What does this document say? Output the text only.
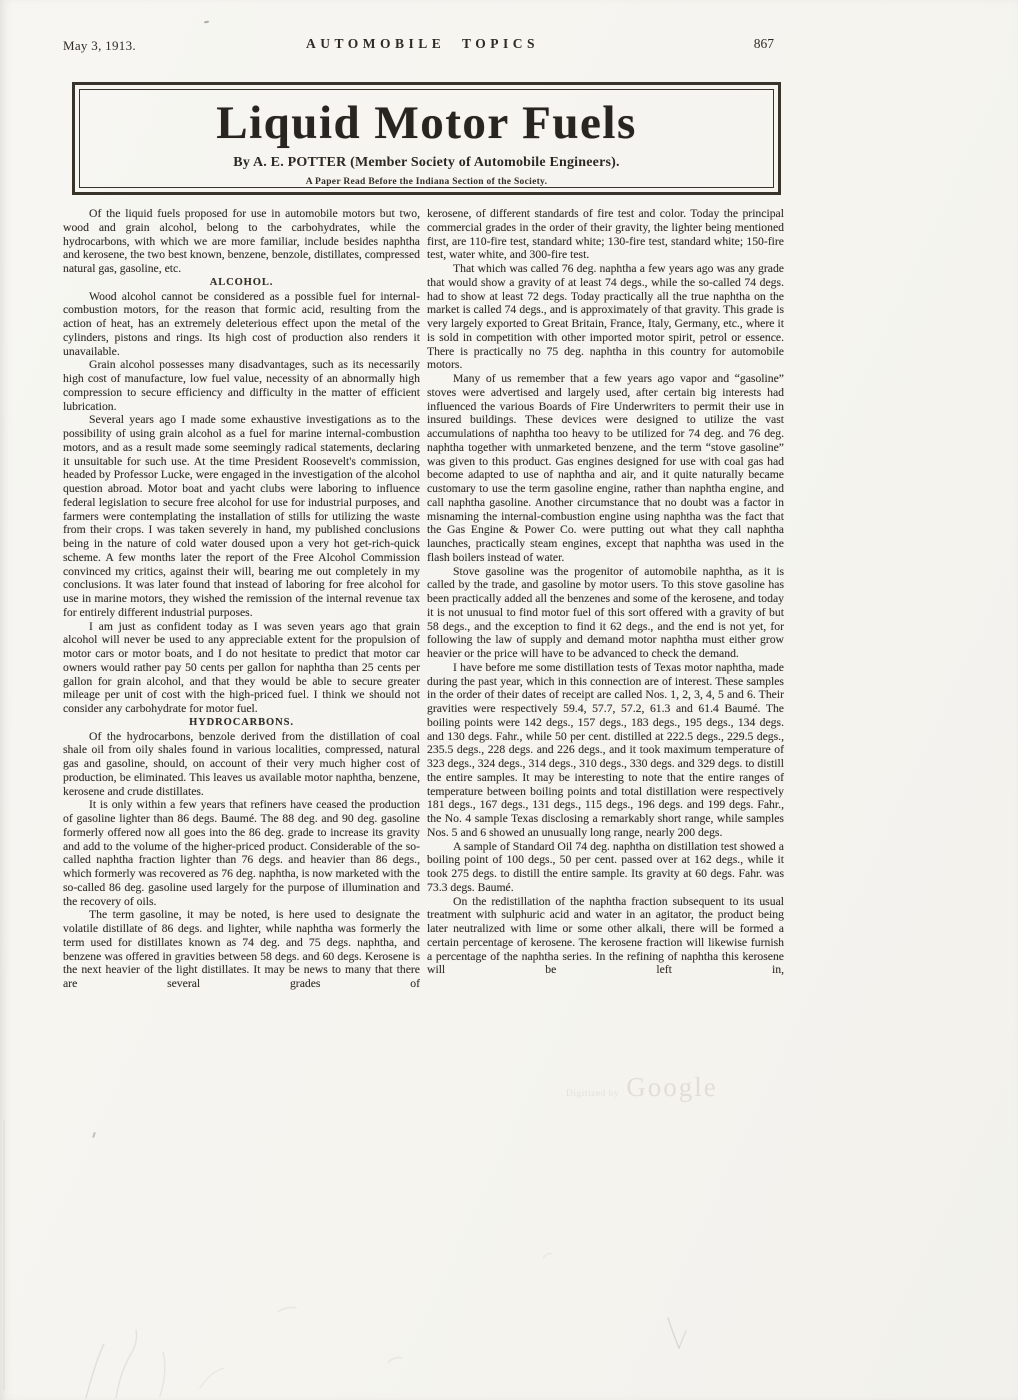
May 3, 1913.	AUTOMOBILE TOPICS	867
Liquid Motor Fuels
By A. E. POTTER (Member Society of Automobile Engineers).
A Paper Read Before the Indiana Section of the Society.

Of the liquid fuels proposed for use in automobile motors but two, wood and grain alcohol, belong to the carbohydrates, while the hydrocarbons, with which we are more familiar, include besides naphtha and kerosene, the two best known, benzene, benzole, distillates, compressed natural gas, gasoline, etc.

ALCOHOL.

Wood alcohol cannot be considered as a possible fuel for internal-combustion motors, for the reason that formic acid, resulting from the action of heat, has an extremely deleterious effect upon the metal of the cylinders, pistons and rings. Its high cost of production also renders it unavailable.

Grain alcohol possesses many disadvantages, such as its necessarily high cost of manufacture, low fuel value, necessity of an abnormally high compression to secure efficiency and difficulty in the matter of efficient lubrication.

Several years ago I made some exhaustive investigations as to the possibility of using grain alcohol as a fuel for marine internal-combustion motors, and as a result made some seemingly radical statements, declaring it unsuitable for such use. At the time President Roosevelt's commission, headed by Professor Lucke, were engaged in the investigation of the alcohol question abroad. Motor boat and yacht clubs were laboring to influence federal legislation to secure free alcohol for use for industrial purposes, and farmers were contemplating the installation of stills for utilizing the waste from their crops. I was taken severely in hand, my published conclusions being in the nature of cold water doused upon a very hot get-rich-quick scheme. A few months later the report of the Free Alcohol Commission convinced my critics, against their will, bearing me out completely in my conclusions. It was later found that instead of laboring for free alcohol for use in marine motors, they wished the remission of the internal revenue tax for entirely different industrial purposes.

I am just as confident today as I was seven years ago that grain alcohol will never be used to any appreciable extent for the propulsion of motor cars or motor boats, and I do not hesitate to predict that motor car owners would rather pay 50 cents per gallon for naphtha than 25 cents per gallon for grain alcohol, and that they would be able to secure greater mileage per unit of cost with the high-priced fuel. I think we should not consider any carbohydrate for motor fuel.

HYDROCARBONS.

Of the hydrocarbons, benzole derived from the distillation of coal shale oil from oily shales found in various localities, compressed, natural gas and gasoline, should, on account of their very much higher cost of production, be eliminated. This leaves us available motor naphtha, benzene, kerosene and crude distillates.

It is only within a few years that refiners have ceased the production of gasoline lighter than 86 degs. Baumé. The 88 deg. and 90 deg. gasoline formerly offered now all goes into the 86 deg. grade to increase its gravity and add to the volume of the higher-priced product. Considerable of the so-called naphtha fraction lighter than 76 degs. and heavier than 86 degs., which formerly was recovered as 76 deg. naphtha, is now marketed with the so-called 86 deg. gasoline used largely for the purpose of illumination and the recovery of oils.

The term gasoline, it may be noted, is here used to designate the volatile distillate of 86 degs. and lighter, while naphtha was formerly the term used for distillates known as 74 deg. and 75 degs. naphtha, and benzene was offered in gravities between 58 degs. and 60 degs. Kerosene is the next heavier of the light distillates. It may be news to many that there are several grades of

kerosene, of different standards of fire test and color. Today the principal commercial grades in the order of their gravity, the lighter being mentioned first, are 110-fire test, standard white; 130-fire test, standard white; 150-fire test, water white, and 300-fire test.

That which was called 76 deg. naphtha a few years ago was any grade that would show a gravity of at least 74 degs., while the so-called 74 degs. had to show at least 72 degs. Today practically all the true naphtha on the market is called 74 degs., and is approximately of that gravity. This grade is very largely exported to Great Britain, France, Italy, Germany, etc., where it is sold in competition with other imported motor spirit, petrol or essence. There is practically no 75 deg. naphtha in this country for automobile motors.

Many of us remember that a few years ago vapor and “gasoline” stoves were advertised and largely used, after certain big interests had influenced the various Boards of Fire Underwriters to permit their use in insured buildings. These devices were designed to utilize the vast accumulations of naphtha too heavy to be utilized for 74 deg. and 76 deg. naphtha together with unmarketed benzene, and the term “stove gasoline” was given to this product. Gas engines designed for use with coal gas had become adapted to use of naphtha and air, and it quite naturally became customary to use the term gasoline engine, rather than naphtha engine, and call naphtha gasoline. Another circumstance that no doubt was a factor in misnaming the internal-combustion engine using naphtha was the fact that the Gas Engine & Power Co. were putting out what they call naphtha launches, practically steam engines, except that naphtha was used in the flash boilers instead of water.

Stove gasoline was the progenitor of automobile naphtha, as it is called by the trade, and gasoline by motor users. To this stove gasoline has been practically added all the benzenes and some of the kerosene, and today it is not unusual to find motor fuel of this sort offered with a gravity of but 58 degs., and the exception to find it 62 degs., and the end is not yet, for following the law of supply and demand motor naphtha must either grow heavier or the price will have to be advanced to check the demand.

I have before me some distillation tests of Texas motor naphtha, made during the past year, which in this connection are of interest. These samples in the order of their dates of receipt are called Nos. 1, 2, 3, 4, 5 and 6. Their gravities were respectively 59.4, 57.7, 57.2, 61.3 and 61.4 Baumé. The boiling points were 142 degs., 157 degs., 183 degs., 195 degs., 134 degs. and 130 degs. Fahr., while 50 per cent. distilled at 222.5 degs., 229.5 degs., 235.5 degs., 228 degs. and 226 degs., and it took maximum temperature of 323 degs., 324 degs., 314 degs., 310 degs., 330 degs. and 329 degs. to distill the entire samples. It may be interesting to note that the entire ranges of temperature between boiling points and total distillation were respectively 181 degs., 167 degs., 131 degs., 115 degs., 196 degs. and 199 degs. Fahr., the No. 4 sample Texas disclosing a remarkably short range, while samples Nos. 5 and 6 showed an unusually long range, nearly 200 degs.

A sample of Standard Oil 74 deg. naphtha on distillation test showed a boiling point of 100 degs., 50 per cent. passed over at 162 degs., while it took 275 degs. to distill the entire sample. Its gravity at 60 degs. Fahr. was 73.3 degs. Baumé.

On the redistillation of the naphtha fraction subsequent to its usual treatment with sulphuric acid and water in an agitator, the product being later neutralized with lime or some other alkali, there will be formed a certain percentage of kerosene. The kerosene fraction will likewise furnish a percentage of the naphtha series. In the refining of naphtha this kerosene will be left in,

Digitized by Google
